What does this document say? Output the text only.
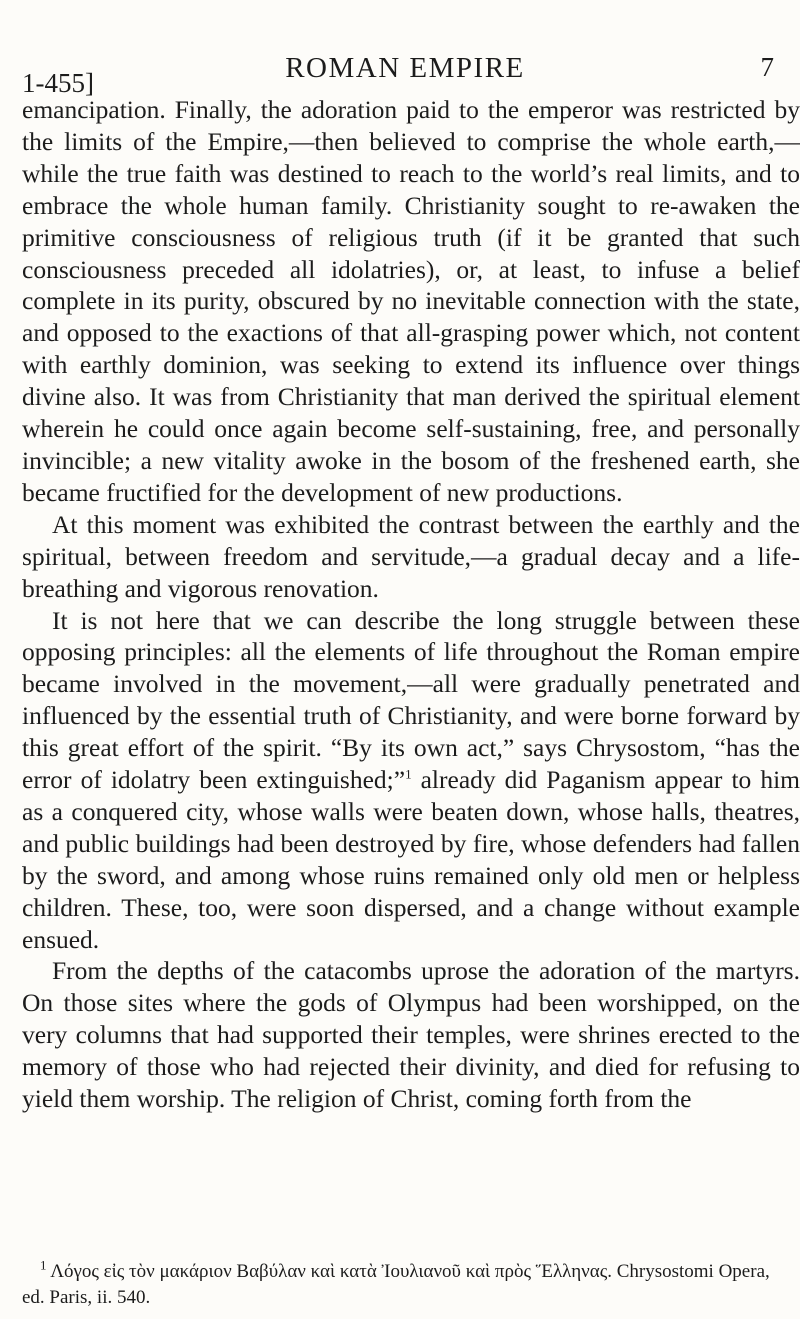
1-455]	ROMAN EMPIRE	7

emancipation. Finally, the adoration paid to the emperor was restricted by the limits of the Empire,—then believed to comprise the whole earth,—while the true faith was destined to reach to the world’s real limits, and to embrace the whole human family. Christianity sought to re-awaken the primitive consciousness of religious truth (if it be granted that such consciousness preceded all idolatries), or, at least, to infuse a belief complete in its purity, obscured by no inevitable connection with the state, and opposed to the exactions of that all-grasping power which, not content with earthly dominion, was seeking to extend its influence over things divine also. It was from Christianity that man derived the spiritual element wherein he could once again become self-sustaining, free, and personally invincible; a new vitality awoke in the bosom of the freshened earth, she became fructified for the development of new productions.

At this moment was exhibited the contrast between the earthly and the spiritual, between freedom and servitude,—a gradual decay and a life-breathing and vigorous renovation.

It is not here that we can describe the long struggle between these opposing principles: all the elements of life throughout the Roman empire became involved in the movement,—all were gradually penetrated and influenced by the essential truth of Christianity, and were borne forward by this great effort of the spirit. “By its own act,” says Chrysostom, “has the error of idolatry been extinguished;”$^1$ already did Paganism appear to him as a conquered city, whose walls were beaten down, whose halls, theatres, and public buildings had been destroyed by fire, whose defenders had fallen by the sword, and among whose ruins remained only old men or helpless children. These, too, were soon dispersed, and a change without example ensued.

From the depths of the catacombs uprose the adoration of the martyrs. On those sites where the gods of Olympus had been worshipped, on the very columns that had supported their temples, were shrines erected to the memory of those who had rejected their divinity, and died for refusing to yield them worship. The religion of Christ, coming forth from the

$^1$ Λόγος εἰς τὸν μακάριον Βαβύλαν καὶ κατὰ Ἰουλιανοῦ καὶ πρὸς Ἕλληνας. Chrysostomi Opera, ed. Paris, ii. 540.
